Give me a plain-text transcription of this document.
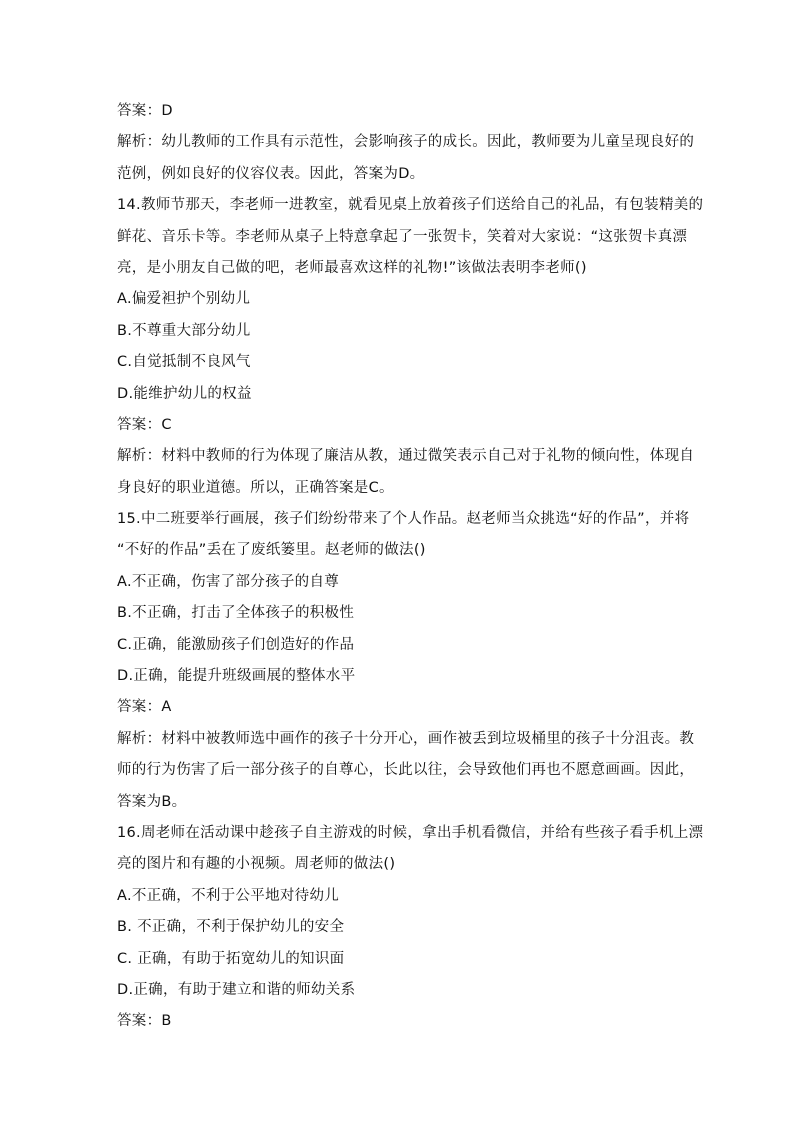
答案：D
解析：幼儿教师的工作具有示范性，会影响孩子的成长。因此，教师要为儿童呈现良好的
范例，例如良好的仪容仪表。因此，答案为D。
14.教师节那天，李老师一进教室，就看见桌上放着孩子们送给自己的礼品，有包装精美的
鲜花、音乐卡等。李老师从桌子上特意拿起了一张贺卡，笑着对大家说：“这张贺卡真漂
亮，是小朋友自己做的吧，老师最喜欢这样的礼物!”该做法表明李老师()
A.偏爱袒护个别幼儿
B.不尊重大部分幼儿
C.自觉抵制不良风气
D.能维护幼儿的权益
答案：C
解析：材料中教师的行为体现了廉洁从教，通过微笑表示自己对于礼物的倾向性，体现自
身良好的职业道德。所以，正确答案是C。
15.中二班要举行画展，孩子们纷纷带来了个人作品。赵老师当众挑选“好的作品”，并将
“不好的作品”丢在了废纸篓里。赵老师的做法()
A.不正确，伤害了部分孩子的自尊
B.不正确，打击了全体孩子的积极性
C.正确，能激励孩子们创造好的作品
D.正确，能提升班级画展的整体水平
答案：A
解析：材料中被教师选中画作的孩子十分开心，画作被丢到垃圾桶里的孩子十分沮丧。教
师的行为伤害了后一部分孩子的自尊心，长此以往，会导致他们再也不愿意画画。因此，
答案为B。
16.周老师在活动课中趁孩子自主游戏的时候，拿出手机看微信，并给有些孩子看手机上漂
亮的图片和有趣的小视频。周老师的做法()
A.不正确，不利于公平地对待幼儿
B. 不正确，不利于保护幼儿的安全
C. 正确，有助于拓宽幼儿的知识面
D.正确，有助于建立和谐的师幼关系
答案：B
